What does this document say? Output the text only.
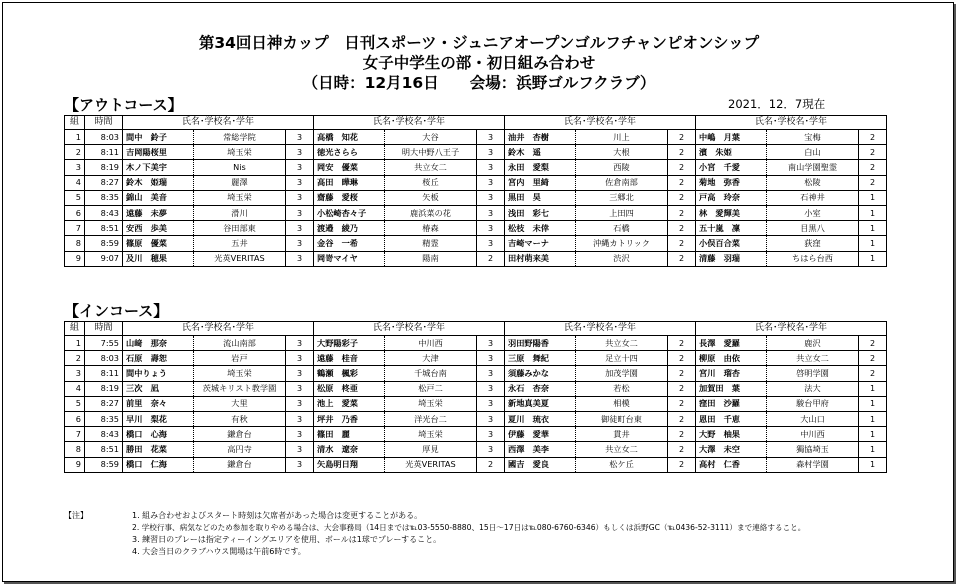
第34回日神カップ　日刊スポーツ・ジュニアオープンゴルフチャンピオンシップ
女子中学生の部・初日組み合わせ
（日時：12月16日　　会場：浜野ゴルフクラブ）
【アウトコース】	2021．12．7現在
組	時間	氏名･学校名･学年			氏名･学校名･学年			氏名･学校名･学年			氏名･学校名･学年		
1	8:03	間中　鈴子	常総学院	3	高橋　知花	大谷	3	油井　杏樹	川上	2	中嶋　月葉	宝梅	2
2	8:11	吉岡陽桜里	埼玉栄	3	徳光さらら	明大中野八王子	3	鈴木　遥	大根	2	濱　朱姫	白山	2
3	8:19	木ノ下美宇	Nis	3	岡安　優菜	共立女二	3	永田　愛梨	西陵	2	小宮　千愛	南山学園聖霊	2
4	8:27	鈴木　姫瑞	麗澤	3	高田　曄琳	桜丘	3	宮内　里綺	佐倉南部	2	菊地　弥香	松陵	2
5	8:35	錦山　美音	埼玉栄	3	齋藤　愛桜	矢板	3	黒田　昊	三郷北	2	戸高　玲奈	石神井	1
6	8:43	遠藤　未夢	滑川	3	小松崎杏々子	鹿浜菜の花	3	浅田　彩七	上田四	2	林　愛輝美	小室	1
7	8:51	安西　歩美	谷田部東	3	渡邉　綾乃	椿森	3	松枝　未倖	石橋	2	五十嵐　凜	目黒八	1
8	8:59	篠原　優菜	五井	3	金谷　一希	精霊	3	吉崎マーナ	沖縄カトリック	2	小俣百合菜	荻窪	1
9	9:07	及川　穂果	光英VERITAS	3	岡嵜マイヤ	陽南	2	田村萌来美	渋沢	2	清藤　羽瑞	ちはら台西	1
【インコース】
組	時間	氏名･学校名･学年			氏名･学校名･学年			氏名･学校名･学年			氏名･学校名･学年		
1	7:55	山﨑　那奈	流山南部	3	大野陽彩子	中川西	3	羽田野陽香	共立女二	2	長澤　愛羅	鹿沢	2
2	8:03	石原　壽恕	岩戸	3	遠藤　桂音	大津	3	三原　舞紀	足立十四	2	柳原　由依	共立女二	2
3	8:11	間中りょう	埼玉栄	3	鶴瀬　楓彩	千城台南	3	須藤みかな	加茂学園	2	宮川　瑠杏	啓明学園	2
4	8:19	三次　凪	茨城キリスト教学園	3	松原　柊亜	松戸二	3	永石　杏奈	若松	2	加賀田　葉	法大	1
5	8:27	前里　奈々	大里	3	池上　愛菜	埼玉栄	3	新地真美夏	相模	2	窪田　沙羅	駿台甲府	1
6	8:35	早川　梨花	有秋	3	坪井　乃香	洋光台二	3	夏川　琉衣	御徒町台東	2	恩田　千恵	大山口	1
7	8:43	橋口　心海	鎌倉台	3	篠田　麗	埼玉栄	3	伊藤　愛華	貫井	2	大野　柚果	中川西	1
8	8:51	勝田　花菜	高円寺	3	清水　遼奈	厚見	3	西澤　美李	共立女二	2	大澤　未空	獨協埼玉	1
9	8:59	橋口　仁海	鎌倉台	3	矢島明日翔	光英VERITAS	2	國吉　愛良	松ケ丘	2	高村　仁香	森村学園	1
【注】	1. 組み合わせおよびスタート時刻は欠席者があった場合は変更することがある。
2. 学校行事、病気などのため参加を取りやめる場合は、大会事務局（14日までは℡03-5550-8880、15日～17日は℡080-6760-6346）もしくは浜野GC（℡0436-52-3111）まで連絡すること。
3. 練習日のプレーは指定ティーイングエリアを使用、ボールは1球でプレーすること。
4. 大会当日のクラブハウス開場は午前6時です。
